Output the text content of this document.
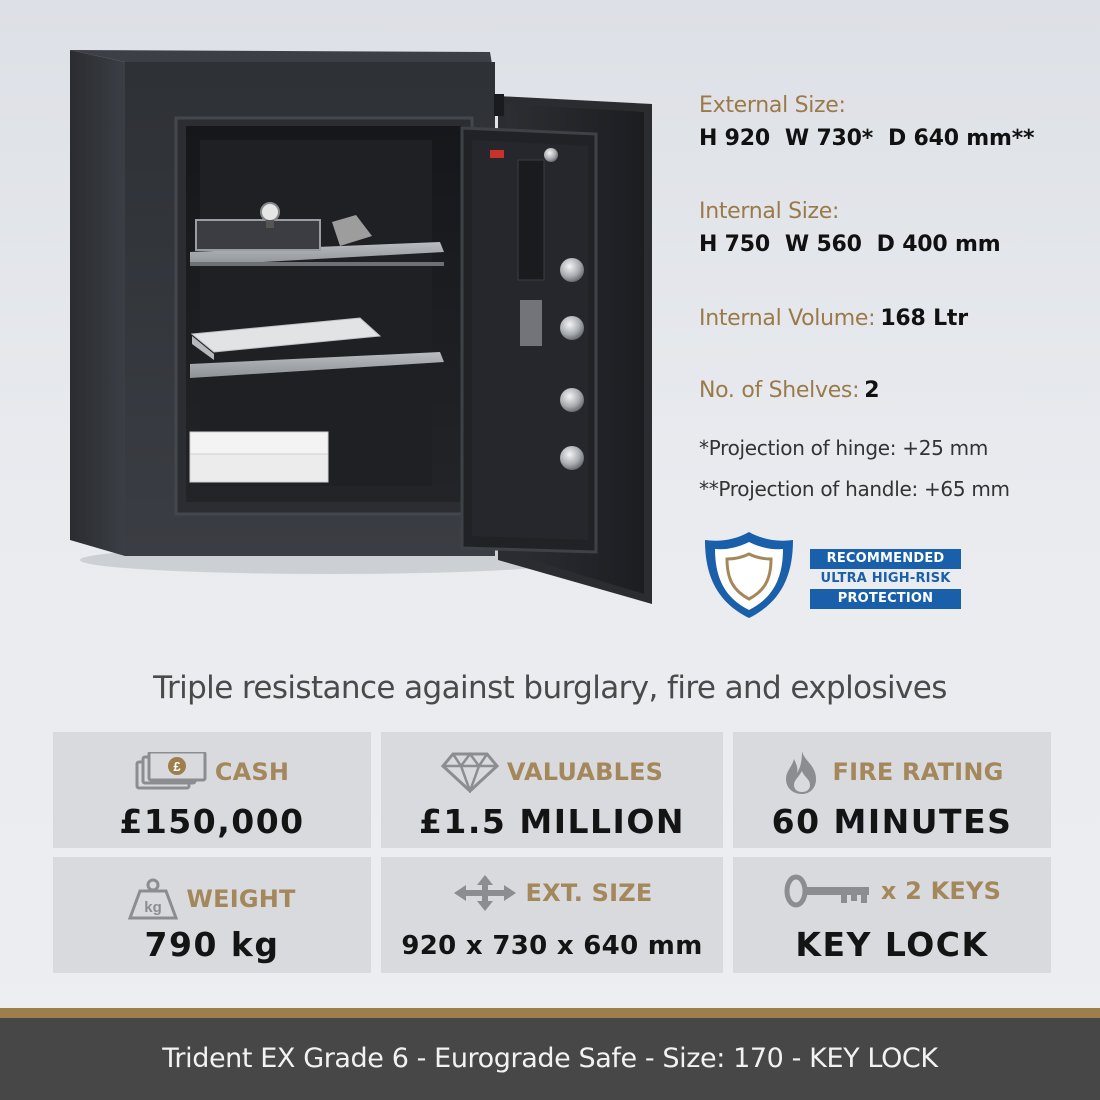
External Size:
H 920  W 730*  D 640 mm**
Internal Size:
H 750  W 560  D 400 mm
Internal Volume: 168 Ltr
No. of Shelves: 2
*Projection of hinge: +25 mm
**Projection of handle: +65 mm
RECOMMENDED
ULTRA HIGH-RISK
PROTECTION
Triple resistance against burglary, fire and explosives
£ CASH
£150,000
VALUABLES
£1.5 MILLION
FIRE RATING
60 MINUTES
kg WEIGHT
790 kg
EXT. SIZE
920 x 730 x 640 mm
x 2 KEYS
KEY LOCK
Trident EX Grade 6 - Eurograde Safe - Size: 170 - KEY LOCK
